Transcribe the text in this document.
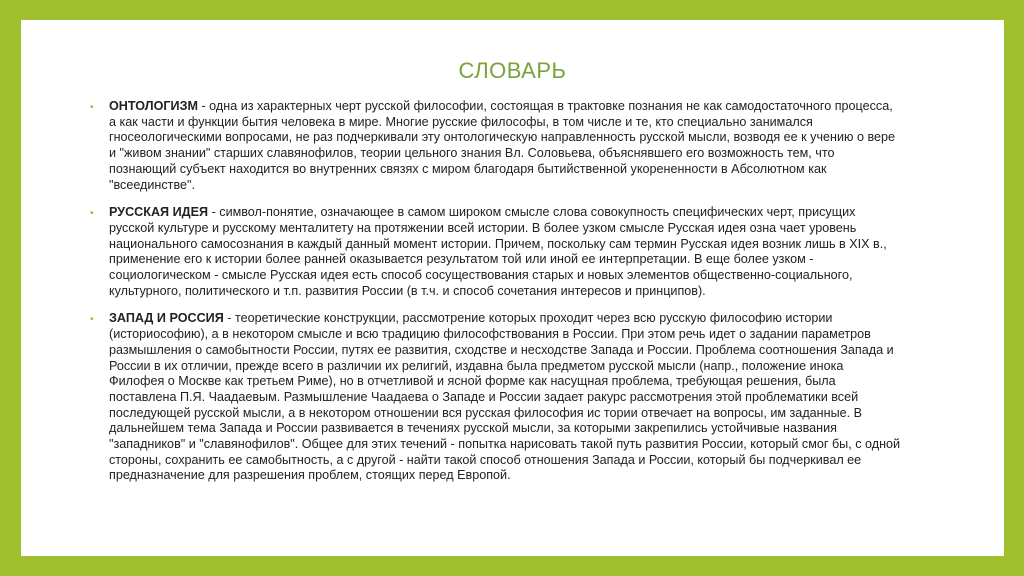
СЛОВАРЬ
• ОНТОЛОГИЗМ - одна из характерных черт русской философии, состоящая в трактовке познания не как самодостаточного процесса, а как части и функции бытия человека в мире. Многие русские философы, в том числе и те, кто специально занимался гносеологическими вопросами, не раз подчеркивали эту онтологическую направленность русской мысли, возводя ее к учению о вере и "живом знании" старших славянофилов, теории цельного знания Вл. Соловьева, объяснявшего его возможность тем, что познающий субъект находится во внутренних связях с миром благодаря бытийственной укорененности в Абсолютном как "всеединстве".
• РУССКАЯ ИДЕЯ - символ-понятие, означающее в самом широком смысле слова совокупность специфических черт, присущих русской культуре и русскому менталитету на протяжении всей истории. В более узком смысле Русская идея озна чает уровень национального самосознания в каждый данный момент истории. Причем, поскольку сам термин Русская идея возник лишь в XIX в., применение его к истории более ранней оказывается результатом той или иной ее интерпретации. В еще более узком - социологическом - смысле Русская идея есть способ сосуществования старых и новых элементов общественно-социального, культурного, политического и т.п. развития России (в т.ч. и способ сочетания интересов и принципов).
• ЗАПАД И РОССИЯ - теоретические конструкции, рассмотрение которых проходит через всю русскую философию истории (историософию), а в некотором смысле и всю традицию философствования в России. При этом речь идет о задании параметров размышления о самобытности России, путях ее развития, сходстве и несходстве Запада и России. Проблема соотношения Запада и России в их отличии, прежде всего в различии их религий, издавна была предметом русской мысли (напр., положение инока Филофея о Москве как третьем Риме), но в отчетливой и ясной форме как насущная проблема, требующая решения, была поставлена П.Я. Чаадаевым. Размышление Чаадаева о Западе и России задает ракурс рассмотрения этой проблематики всей последующей русской мысли, а в некотором отношении вся русская философия ис тории отвечает на вопросы, им заданные. В дальнейшем тема Запада и России развивается в течениях русской мысли, за которыми закрепились устойчивые названия "западников" и "славянофилов". Общее для этих течений - попытка нарисовать такой путь развития России, который смог бы, с одной стороны, сохранить ее самобытность, а с другой - найти такой способ отношения Запада и России, который бы подчеркивал ее предназначение для разрешения проблем, стоящих перед Европой.
